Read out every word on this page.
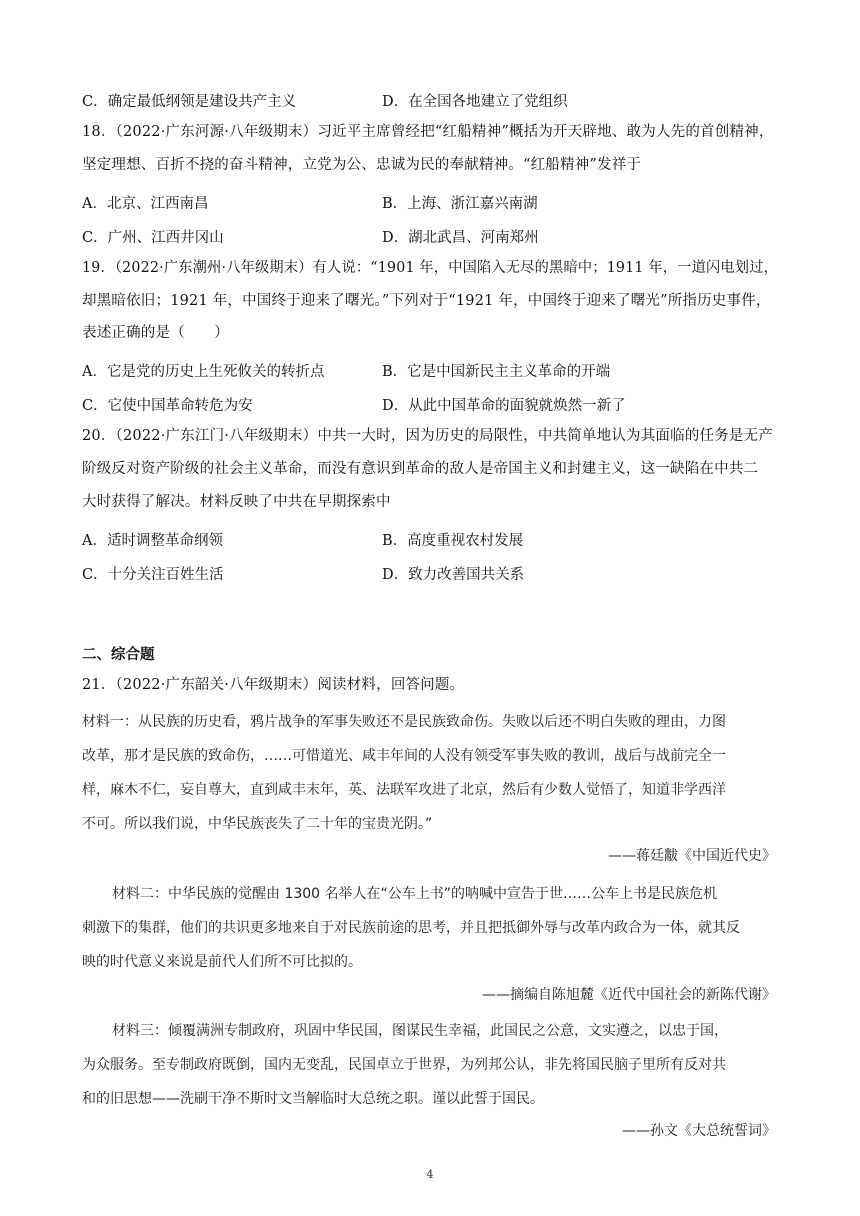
C．确定最低纲领是建设共产主义	D．在全国各地建立了党组织
18．（2022·广东河源·八年级期末）习近平主席曾经把“红船精神”概括为开天辟地、敢为人先的首创精神，
坚定理想、百折不挠的奋斗精神，立党为公、忠诚为民的奉献精神。“红船精神”发祥于
A．北京、江西南昌	B．上海、浙江嘉兴南湖
C．广州、江西井冈山	D．湖北武昌、河南郑州
19．（2022·广东潮州·八年级期末）有人说：“1901 年，中国陷入无尽的黑暗中；1911 年，一道闪电划过，
却黑暗依旧；1921 年，中国终于迎来了曙光。”下列对于“1921 年，中国终于迎来了曙光”所指历史事件，
表述正确的是（　　）
A．它是党的历史上生死攸关的转折点	B．它是中国新民主主义革命的开端
C．它使中国革命转危为安	D．从此中国革命的面貌就焕然一新了
20．（2022·广东江门·八年级期末）中共一大时，因为历史的局限性，中共简单地认为其面临的任务是无产
阶级反对资产阶级的社会主义革命，而没有意识到革命的敌人是帝国主义和封建主义，这一缺陷在中共二
大时获得了解决。材料反映了中共在早期探索中
A．适时调整革命纲领	B．高度重视农村发展
C．十分关注百姓生活	D．致力改善国共关系
二、综合题
21．（2022·广东韶关·八年级期末）阅读材料，回答问题。
材料一：从民族的历史看，鸦片战争的军事失败还不是民族致命伤。失败以后还不明白失败的理由，力图
改革，那才是民族的致命伤，……可惜道光、咸丰年间的人没有领受军事失败的教训，战后与战前完全一
样，麻木不仁，妄自尊大，直到咸丰末年，英、法联军攻进了北京，然后有少数人觉悟了，知道非学西洋
不可。所以我们说，中华民族丧失了二十年的宝贵光阴。”
——蒋廷黻《中国近代史》
材料二：中华民族的觉醒由 1300 名举人在“公车上书”的呐喊中宣告于世……公车上书是民族危机
刺激下的集群，他们的共识更多地来自于对民族前途的思考，并且把抵御外辱与改革内政合为一体，就其反
映的时代意义来说是前代人们所不可比拟的。
——摘编自陈旭麓《近代中国社会的新陈代谢》
材料三：倾覆满洲专制政府，巩固中华民国，图谋民生幸福，此国民之公意，文实遵之，以忠于国，
为众服务。至专制政府既倒，国内无变乱，民国卓立于世界，为列邦公认，非先将国民脑子里所有反对共
和的旧思想——洗刷干净不斯时文当解临时大总统之职。谨以此誓于国民。
——孙文《大总统誓词》
4
